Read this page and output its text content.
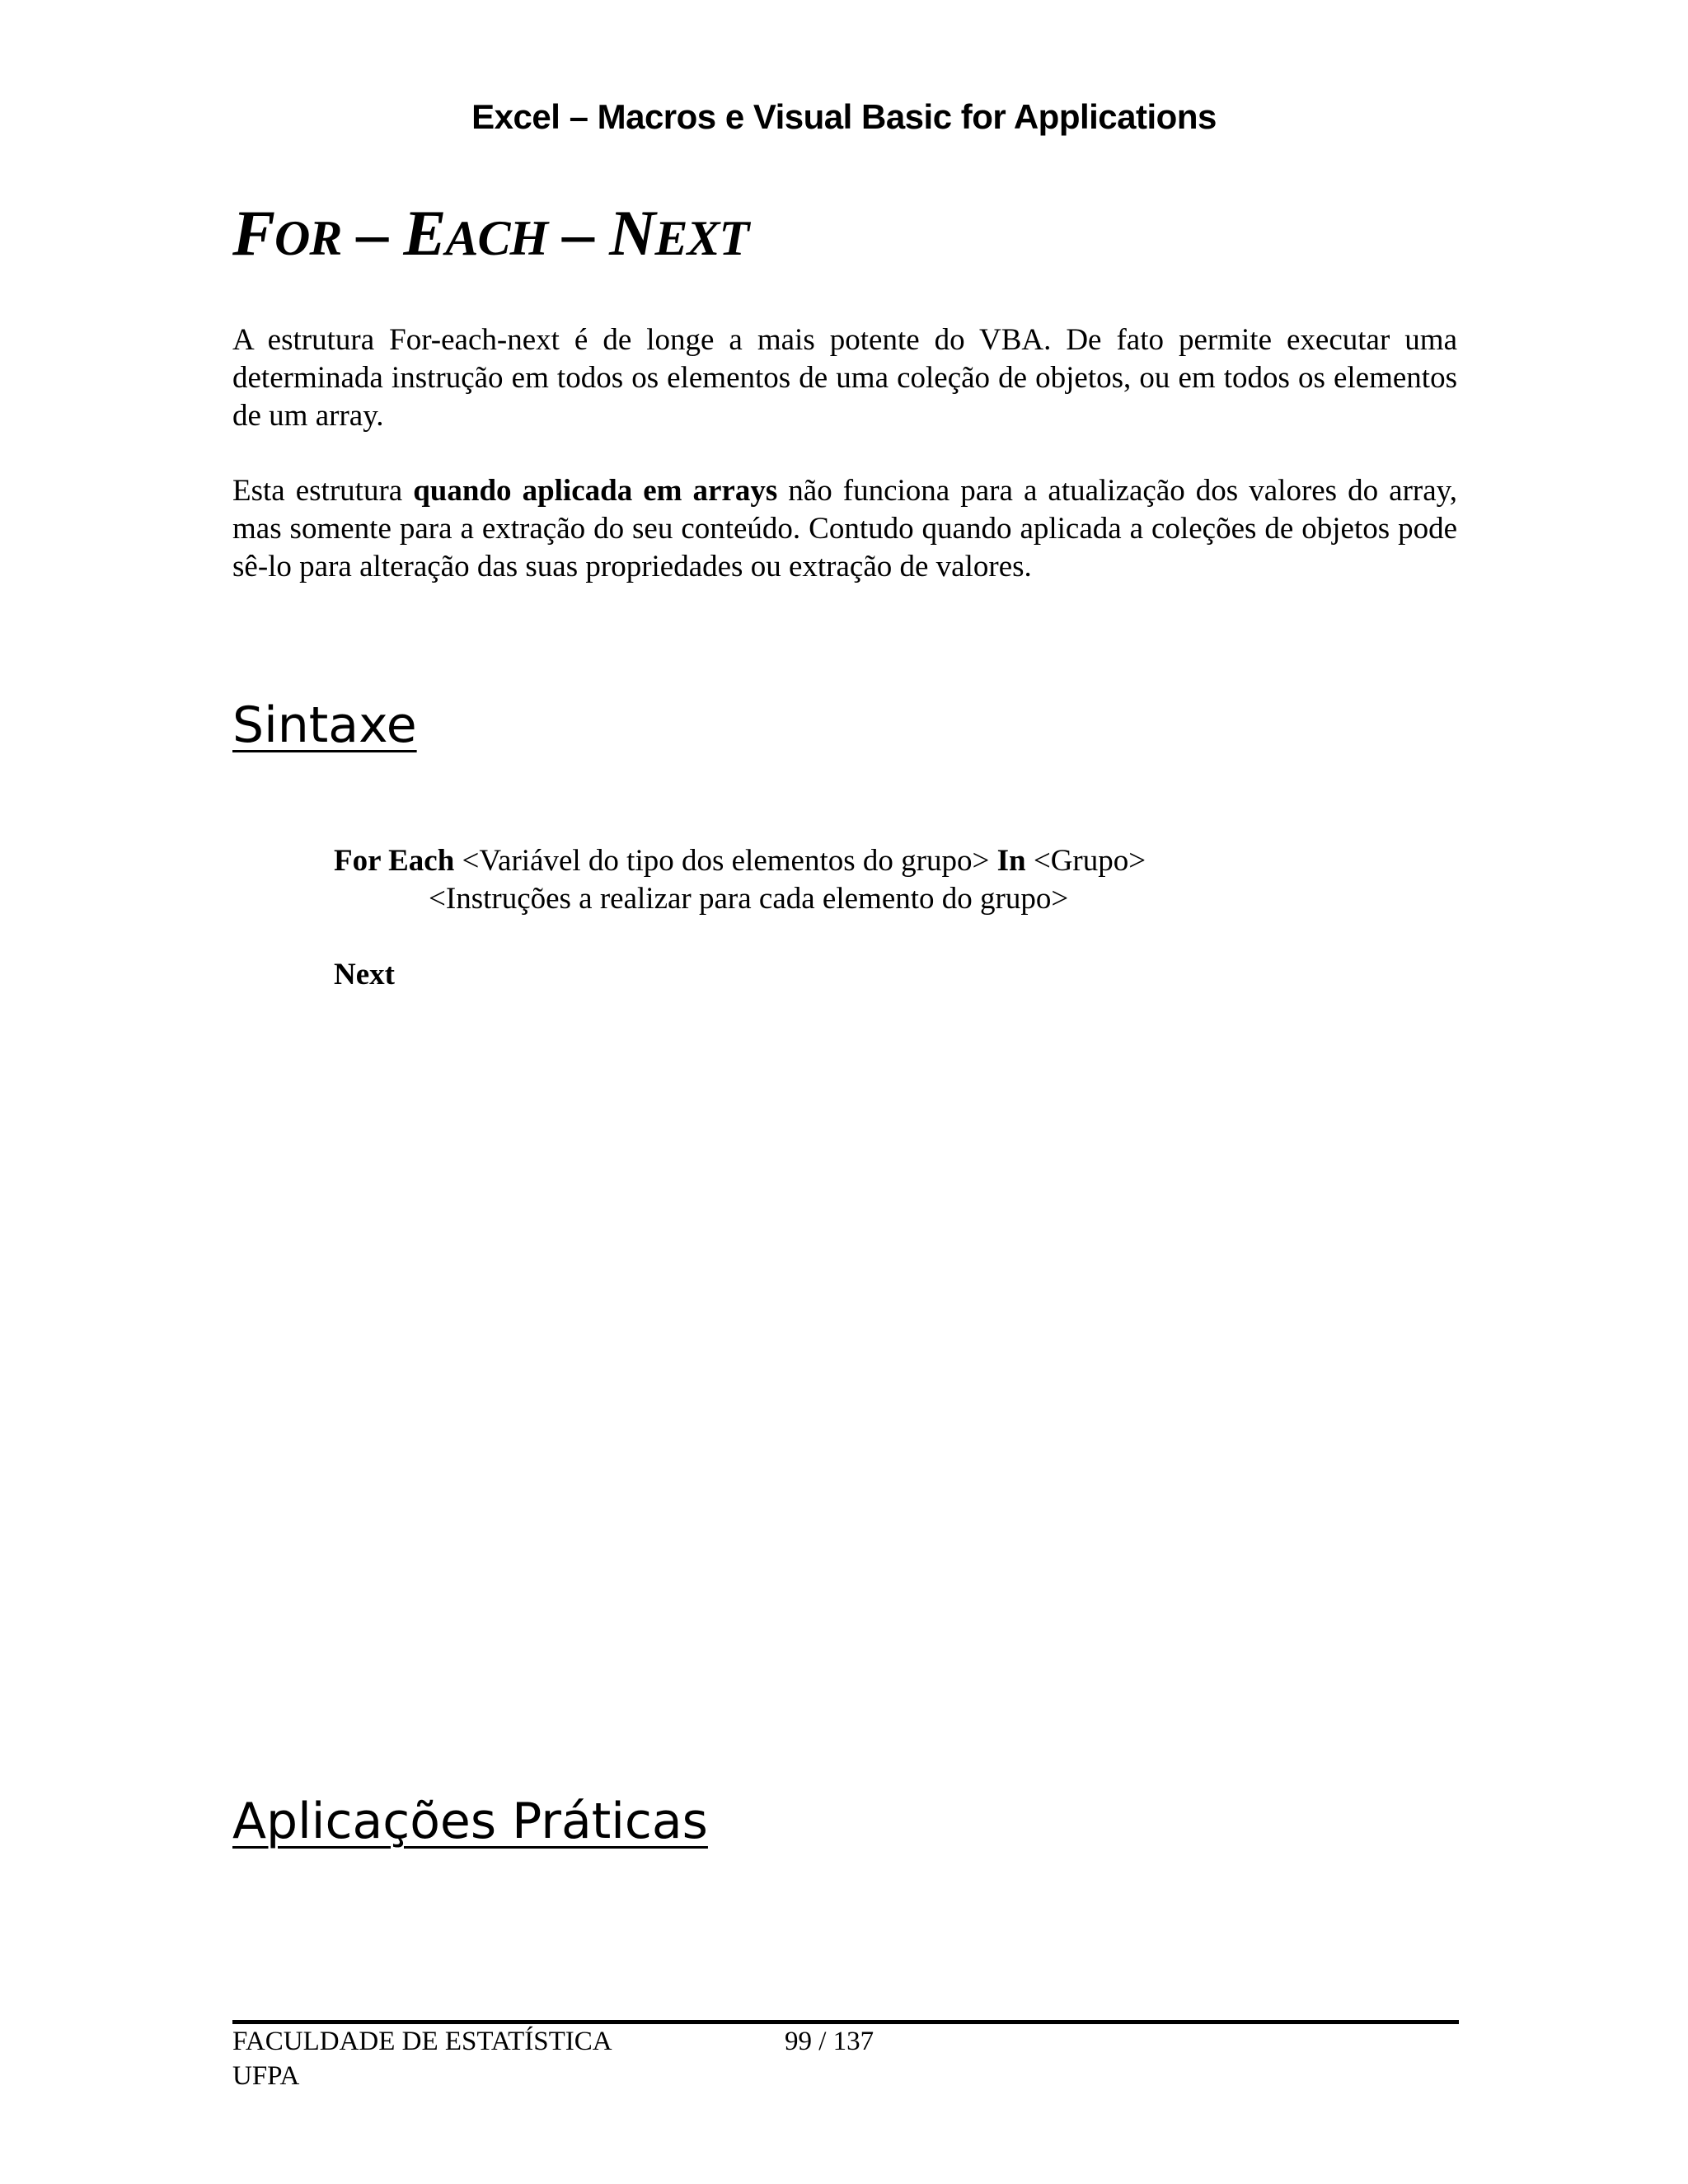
Excel – Macros e Visual Basic for Applications
FOR – EACH – NEXT
A estrutura For-each-next é de longe a mais potente do VBA. De fato permite executar uma determinada instrução em todos os elementos de uma coleção de objetos, ou em todos os elementos de um array.
Esta estrutura quando aplicada em arrays não funciona para a atualização dos valores do array, mas somente para a extração do seu conteúdo. Contudo quando aplicada a coleções de objetos pode sê-lo para alteração das suas propriedades ou extração de valores.
Sintaxe
For Each <Variável do tipo dos elementos do grupo> In <Grupo>
<Instruções a realizar para cada elemento do grupo>
Next
Aplicações Práticas
FACULDADE DE ESTATÍSTICA
UFPA
99 / 137
